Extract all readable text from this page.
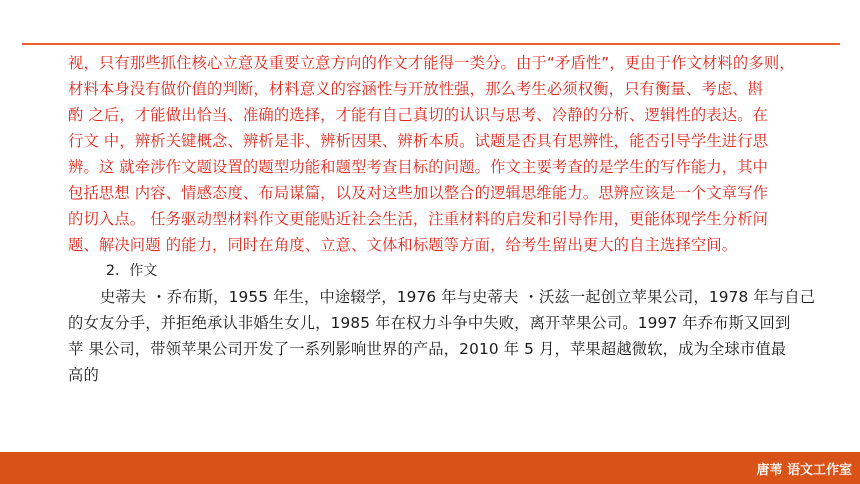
视，只有那些抓住核心立意及重要立意方向的作文才能得一类分。由于“矛盾性”，更由于作文材料的多则，
材料本身没有做价值的判断，材料意义的容涵性与开放性强，那么考生必须权衡，只有衡量、考虑、斟
酌 之后，才能做出恰当、准确的选择，才能有自己真切的认识与思考、冷静的分析、逻辑性的表达。在
行文 中，辨析关键概念、辨析是非、辨析因果、辨析本质。试题是否具有思辨性，能否引导学生进行思
辨。这 就牵涉作文题设置的题型功能和题型考查目标的问题。作文主要考查的是学生的写作能力，其中
包括思想 内容、情感态度、布局谋篇，以及对这些加以整合的逻辑思维能力。思辨应该是一个文章写作
的切入点。 任务驱动型材料作文更能贴近社会生活，注重材料的启发和引导作用，更能体现学生分析问
题、解决问题 的能力，同时在角度、立意、文体和标题等方面，给考生留出更大的自主选择空间。
2．作文
史蒂夫 ・乔布斯，1955 年生，中途辍学，1976 年与史蒂夫 ・沃兹一起创立苹果公司，1978 年与自己
的女友分手，并拒绝承认非婚生女儿，1985 年在权力斗争中失败，离开苹果公司。1997 年乔布斯又回到
苹 果公司，带领苹果公司开发了一系列影响世界的产品，2010 年 5 月，苹果超越微软，成为全球市值最
高的
唐苇 语文工作室
